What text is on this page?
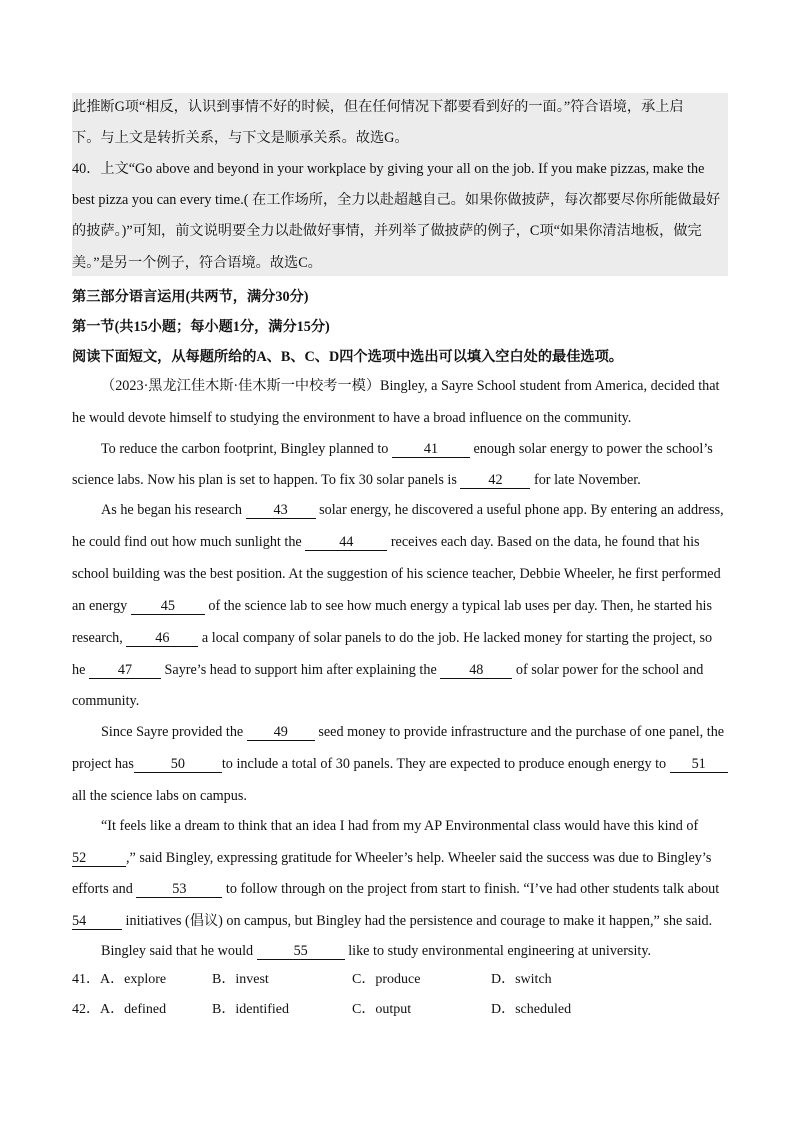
此推断G项“相反，认识到事情不好的时候，但在任何情况下都要看到好的一面。”符合语境，承上启
下。与上文是转折关系，与下文是顺承关系。故选G。
40．上文“Go above and beyond in your workplace by giving your all on the job. If you make pizzas, make the
best pizza you can every time.( 在工作场所，全力以赴超越自己。如果你做披萨，每次都要尽你所能做最好
的披萨。)”可知，前文说明要全力以赴做好事情，并列举了做披萨的例子，C项“如果你清洁地板，做完
美。”是另一个例子，符合语境。故选C。
第三部分语言运用(共两节，满分30分)
第一节(共15小题；每小题1分，满分15分)
阅读下面短文，从每题所给的A、B、C、D四个选项中选出可以填入空白处的最佳选项。
（2023·黑龙江佳木斯·佳木斯一中校考一模）Bingley, a Sayre School student from America, decided that
he would devote himself to studying the environment to have a broad influence on the community.
To reduce the carbon footprint, Bingley planned to 41 enough solar energy to power the school’s
science labs. Now his plan is set to happen. To fix 30 solar panels is 42 for late November.
As he began his research 43 solar energy, he discovered a useful phone app. By entering an address,
he could find out how much sunlight the 44 receives each day. Based on the data, he found that his
school building was the best position. At the suggestion of his science teacher, Debbie Wheeler, he first performed
an energy 45 of the science lab to see how much energy a typical lab uses per day. Then, he started his
research, 46 a local company of solar panels to do the job. He lacked money for starting the project, so
he 47 Sayre’s head to support him after explaining the 48 of solar power for the school and
community.
Since Sayre provided the 49 seed money to provide infrastructure and the purchase of one panel, the
project has	50	to include a total of 30 panels. They are expected to produce enough energy to 51
all the science labs on campus.
“It feels like a dream to think that an idea I had from my AP Environmental class would have this kind of
52	,” said Bingley, expressing gratitude for Wheeler’s help. Wheeler said the success was due to Bingley’s
efforts and	53	to follow through on the project from start to finish. “I’ve had other students talk about
54	initiatives (倡议) on campus, but Bingley had the persistence and courage to make it happen,” she said.
Bingley said that he would	55	like to study environmental engineering at university.
41． A．explore	B．invest	C．produce	D．switch
42． A．defined	B．identified	C．output	D．scheduled
